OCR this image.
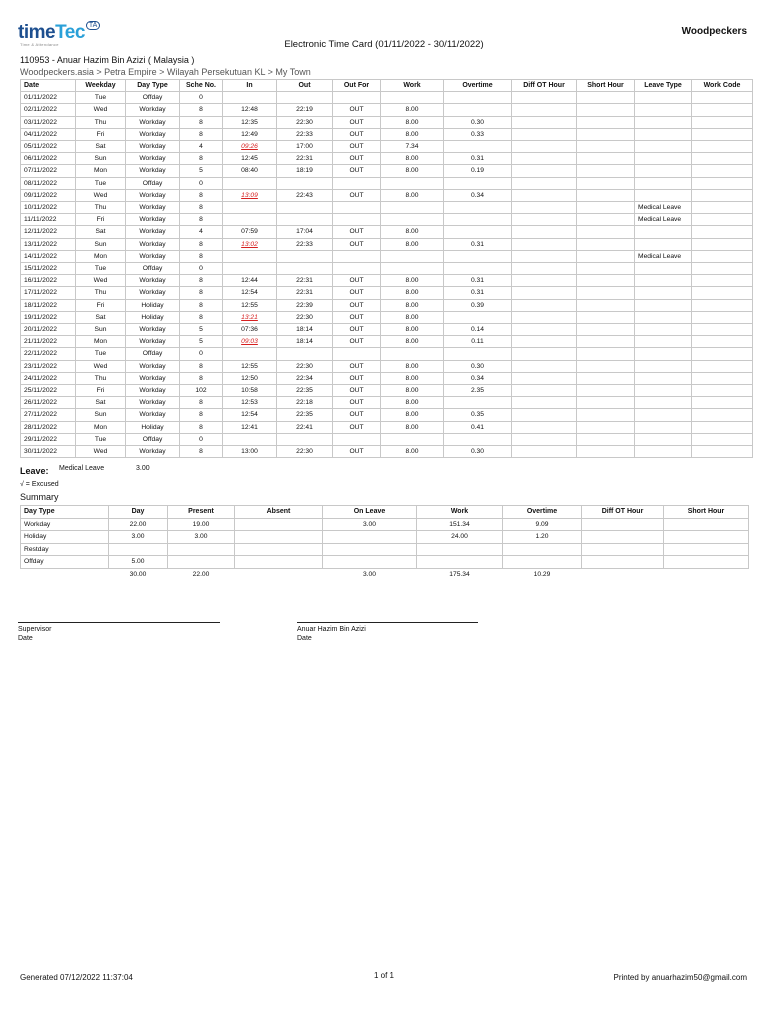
timeTec $^{TA}$
Time & Attendance
Woodpeckers
Electronic Time Card (01/11/2022 - 30/11/2022)
110953 - Anuar Hazim Bin Azizi ( Malaysia )
Woodpeckers.asia > Petra Empire > Wilayah Persekutuan KL > My Town
Date	Weekday	Day Type	Sche No.	In	Out	Out For	Work	Overtime	Diff OT Hour	Short Hour	Leave Type	Work Code
01/11/2022	Tue	Offday	0									
02/11/2022	Wed	Workday	8	12:48	22:19	OUT	8.00					
03/11/2022	Thu	Workday	8	12:35	22:30	OUT	8.00	0.30				
04/11/2022	Fri	Workday	8	12:49	22:33	OUT	8.00	0.33				
05/11/2022	Sat	Workday	4	09:26	17:00	OUT	7.34					
06/11/2022	Sun	Workday	8	12:45	22:31	OUT	8.00	0.31				
07/11/2022	Mon	Workday	5	08:40	18:19	OUT	8.00	0.19				
08/11/2022	Tue	Offday	0									
09/11/2022	Wed	Workday	8	13:09	22:43	OUT	8.00	0.34				
10/11/2022	Thu	Workday	8								Medical Leave	
11/11/2022	Fri	Workday	8								Medical Leave	
12/11/2022	Sat	Workday	4	07:59	17:04	OUT	8.00					
13/11/2022	Sun	Workday	8	13:02	22:33	OUT	8.00	0.31				
14/11/2022	Mon	Workday	8								Medical Leave	
15/11/2022	Tue	Offday	0									
16/11/2022	Wed	Workday	8	12:44	22:31	OUT	8.00	0.31				
17/11/2022	Thu	Workday	8	12:54	22:31	OUT	8.00	0.31				
18/11/2022	Fri	Holiday	8	12:55	22:39	OUT	8.00	0.39				
19/11/2022	Sat	Holiday	8	13:21	22:30	OUT	8.00					
20/11/2022	Sun	Workday	5	07:36	18:14	OUT	8.00	0.14				
21/11/2022	Mon	Workday	5	09:03	18:14	OUT	8.00	0.11				
22/11/2022	Tue	Offday	0									
23/11/2022	Wed	Workday	8	12:55	22:30	OUT	8.00	0.30				
24/11/2022	Thu	Workday	8	12:50	22:34	OUT	8.00	0.34				
25/11/2022	Fri	Workday	102	10:58	22:35	OUT	8.00	2.35				
26/11/2022	Sat	Workday	8	12:53	22:18	OUT	8.00					
27/11/2022	Sun	Workday	8	12:54	22:35	OUT	8.00	0.35				
28/11/2022	Mon	Holiday	8	12:41	22:41	OUT	8.00	0.41				
29/11/2022	Tue	Offday	0									
30/11/2022	Wed	Workday	8	13:00	22:30	OUT	8.00	0.30				
Leave: Medical Leave	3.00
√ = Excused
Summary
Day Type	Day	Present	Absent	On Leave	Work	Overtime	Diff OT Hour	Short Hour
Workday	22.00	19.00		3.00	151.34	9.09		
Holiday	3.00	3.00			24.00	1.20		
Restday								
Offday	5.00							
	30.00	22.00		3.00	175.34	10.29		
Supervisor
Date
Anuar Hazim Bin Azizi
Date
Generated 07/12/2022 11:37:04	1 of 1	Printed by anuarhazim50@gmail.com
